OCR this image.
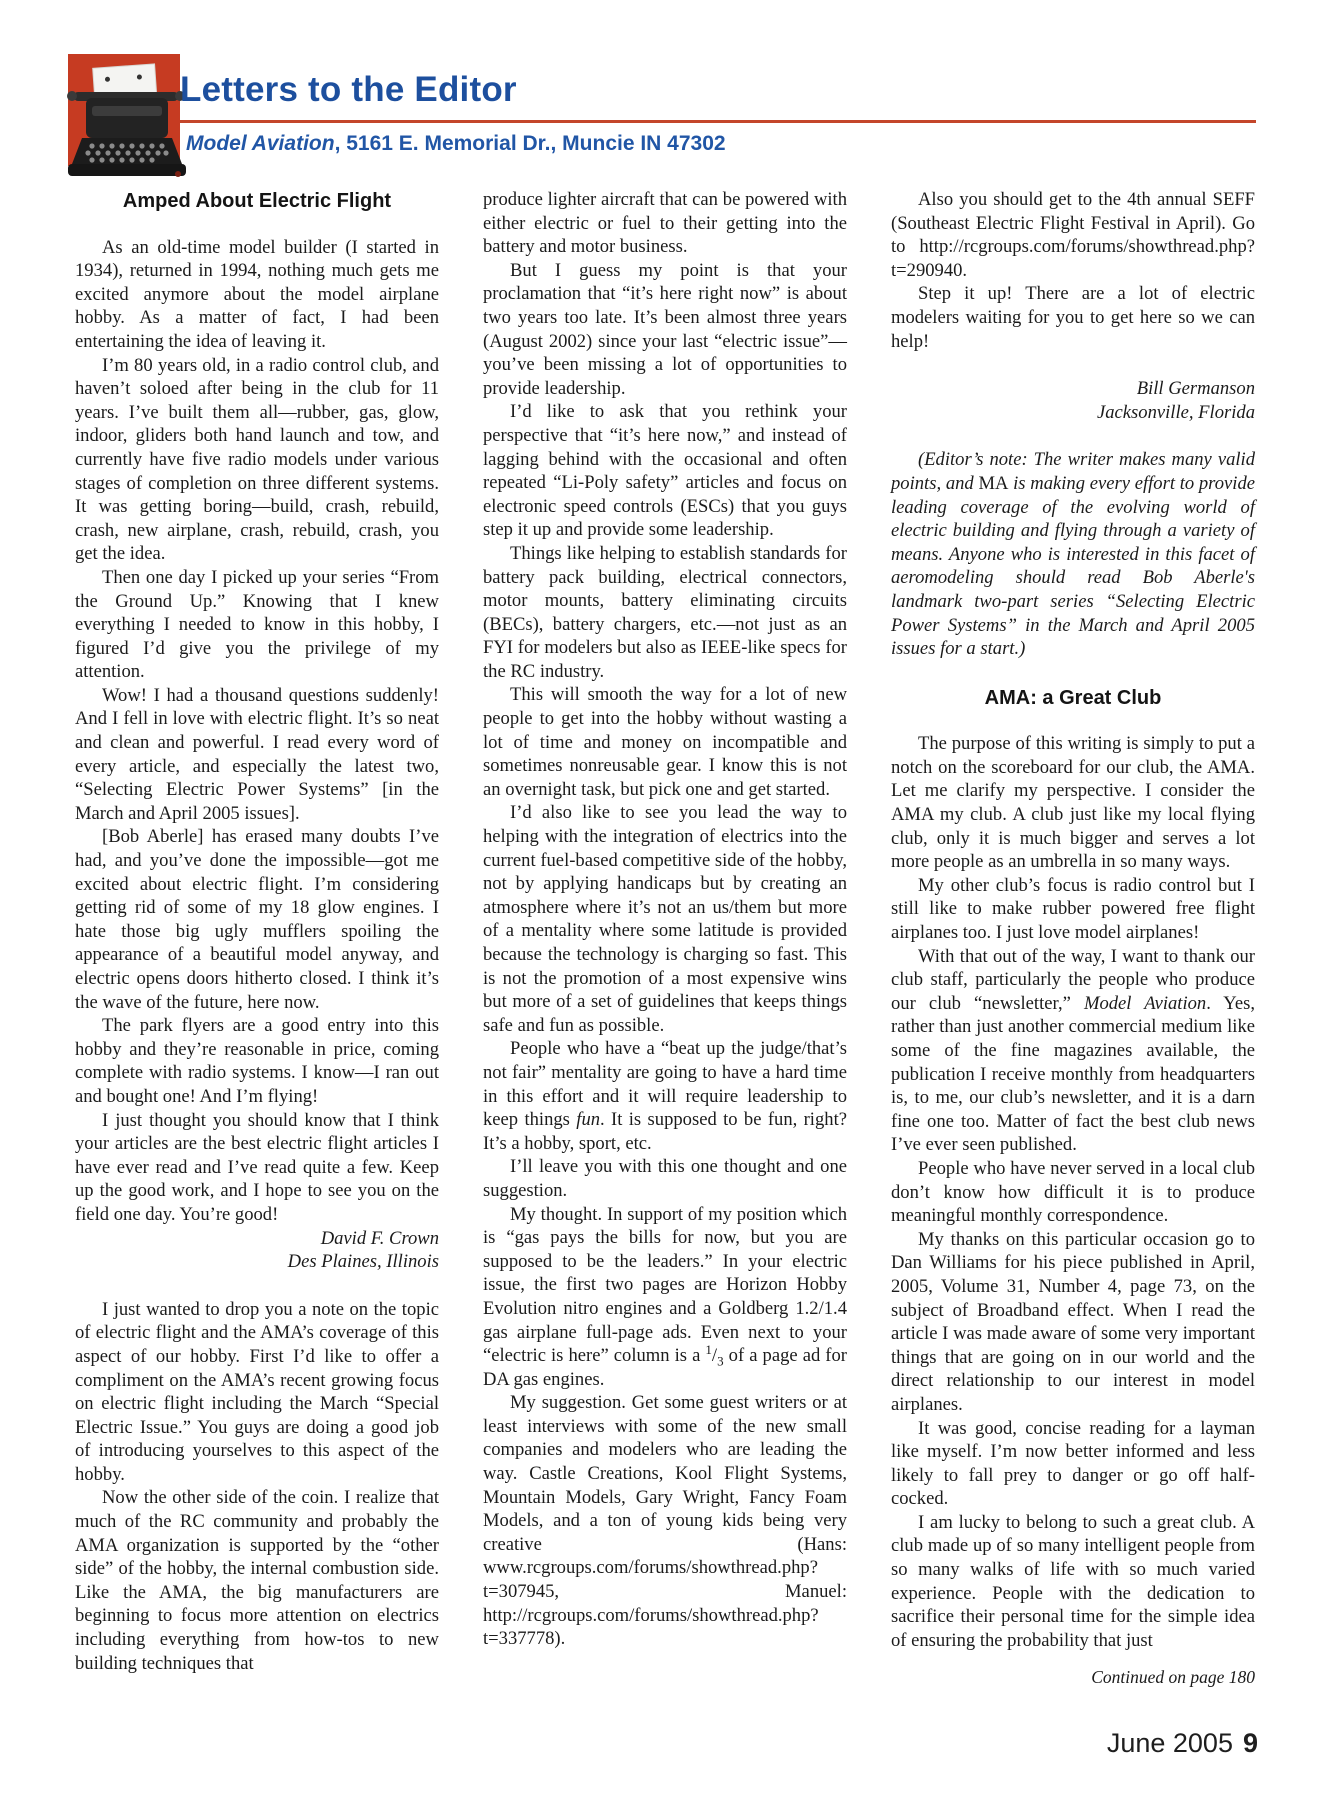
Letters to the Editor
Model Aviation, 5161 E. Memorial Dr., Muncie IN 47302
Amped About Electric Flight
As an old-time model builder (I started in 1934), returned in 1994, nothing much gets me excited anymore about the model airplane hobby. As a matter of fact, I had been entertaining the idea of leaving it.
I’m 80 years old, in a radio control club, and haven’t soloed after being in the club for 11 years. I’ve built them all—rubber, gas, glow, indoor, gliders both hand launch and tow, and currently have five radio models under various stages of completion on three different systems. It was getting boring—build, crash, rebuild, crash, new airplane, crash, rebuild, crash, you get the idea.
Then one day I picked up your series “From the Ground Up.” Knowing that I knew everything I needed to know in this hobby, I figured I’d give you the privilege of my attention.
Wow! I had a thousand questions suddenly! And I fell in love with electric flight. It’s so neat and clean and powerful. I read every word of every article, and especially the latest two, “Selecting Electric Power Systems” [in the March and April 2005 issues].
[Bob Aberle] has erased many doubts I’ve had, and you’ve done the impossible—got me excited about electric flight. I’m considering getting rid of some of my 18 glow engines. I hate those big ugly mufflers spoiling the appearance of a beautiful model anyway, and electric opens doors hitherto closed. I think it’s the wave of the future, here now.
The park flyers are a good entry into this hobby and they’re reasonable in price, coming complete with radio systems. I know—I ran out and bought one! And I’m flying!
I just thought you should know that I think your articles are the best electric flight articles I have ever read and I’ve read quite a few. Keep up the good work, and I hope to see you on the field one day. You’re good!
David F. Crown
Des Plaines, Illinois
I just wanted to drop you a note on the topic of electric flight and the AMA’s coverage of this aspect of our hobby. First I’d like to offer a compliment on the AMA’s recent growing focus on electric flight including the March “Special Electric Issue.” You guys are doing a good job of introducing yourselves to this aspect of the hobby.
Now the other side of the coin. I realize that much of the RC community and probably the AMA organization is supported by the “other side” of the hobby, the internal combustion side. Like the AMA, the big manufacturers are beginning to focus more attention on electrics including everything from how-tos to new building techniques that
produce lighter aircraft that can be powered with either electric or fuel to their getting into the battery and motor business.
But I guess my point is that your proclamation that “it’s here right now” is about two years too late. It’s been almost three years (August 2002) since your last “electric issue”—you’ve been missing a lot of opportunities to provide leadership.
I’d like to ask that you rethink your perspective that “it’s here now,” and instead of lagging behind with the occasional and often repeated “Li-Poly safety” articles and focus on electronic speed controls (ESCs) that you guys step it up and provide some leadership.
Things like helping to establish standards for battery pack building, electrical connectors, motor mounts, battery eliminating circuits (BECs), battery chargers, etc.—not just as an FYI for modelers but also as IEEE-like specs for the RC industry.
This will smooth the way for a lot of new people to get into the hobby without wasting a lot of time and money on incompatible and sometimes nonreusable gear. I know this is not an overnight task, but pick one and get started.
I’d also like to see you lead the way to helping with the integration of electrics into the current fuel-based competitive side of the hobby, not by applying handicaps but by creating an atmosphere where it’s not an us/them but more of a mentality where some latitude is provided because the technology is charging so fast. This is not the promotion of a most expensive wins but more of a set of guidelines that keeps things safe and fun as possible.
People who have a “beat up the judge/that’s not fair” mentality are going to have a hard time in this effort and it will require leadership to keep things fun. It is supposed to be fun, right? It’s a hobby, sport, etc.
I’ll leave you with this one thought and one suggestion.
My thought. In support of my position which is “gas pays the bills for now, but you are supposed to be the leaders.” In your electric issue, the first two pages are Horizon Hobby Evolution nitro engines and a Goldberg 1.2/1.4 gas airplane full-page ads. Even next to your “electric is here” column is a $^1/_3$ of a page ad for DA gas engines.
My suggestion. Get some guest writers or at least interviews with some of the new small companies and modelers who are leading the way. Castle Creations, Kool Flight Systems, Mountain Models, Gary Wright, Fancy Foam Models, and a ton of young kids being very creative (Hans: www.rcgroups.com/forums/showthread.php?t=307945, Manuel: http://rcgroups.com/forums/showthread.php?t=337778).
Also you should get to the 4th annual SEFF (Southeast Electric Flight Festival in April). Go to http://rcgroups.com/forums/showthread.php?t=290940.
Step it up! There are a lot of electric modelers waiting for you to get here so we can help!
Bill Germanson
Jacksonville, Florida
(Editor’s note: The writer makes many valid points, and MA is making every effort to provide leading coverage of the evolving world of electric building and flying through a variety of means. Anyone who is interested in this facet of aeromodeling should read Bob Aberle's landmark two-part series “Selecting Electric Power Systems” in the March and April 2005 issues for a start.)
AMA: a Great Club
The purpose of this writing is simply to put a notch on the scoreboard for our club, the AMA. Let me clarify my perspective. I consider the AMA my club. A club just like my local flying club, only it is much bigger and serves a lot more people as an umbrella in so many ways.
My other club’s focus is radio control but I still like to make rubber powered free flight airplanes too. I just love model airplanes!
With that out of the way, I want to thank our club staff, particularly the people who produce our club “newsletter,” Model Aviation. Yes, rather than just another commercial medium like some of the fine magazines available, the publication I receive monthly from headquarters is, to me, our club’s newsletter, and it is a darn fine one too. Matter of fact the best club news I’ve ever seen published.
People who have never served in a local club don’t know how difficult it is to produce meaningful monthly correspondence.
My thanks on this particular occasion go to Dan Williams for his piece published in April, 2005, Volume 31, Number 4, page 73, on the subject of Broadband effect. When I read the article I was made aware of some very important things that are going on in our world and the direct relationship to our interest in model airplanes.
It was good, concise reading for a layman like myself. I’m now better informed and less likely to fall prey to danger or go off half-cocked.
I am lucky to belong to such a great club. A club made up of so many intelligent people from so many walks of life with so much varied experience. People with the dedication to sacrifice their personal time for the simple idea of ensuring the probability that just
Continued on page 180
June 2005 9
